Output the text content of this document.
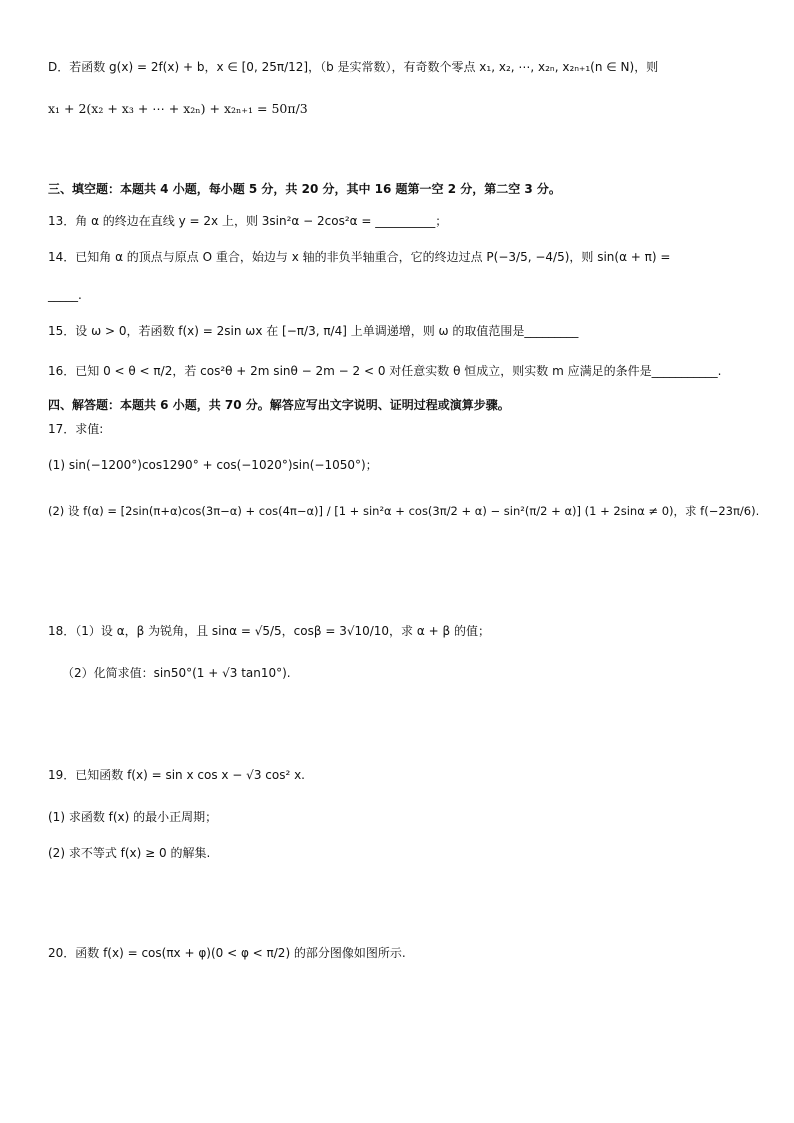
D．若函数 g(x) = 2f(x) + b，x ∈ [0, 25π/12]，（b 是实常数），有奇数个零点 x₁, x₂, ⋯, x₂ₙ, x₂ₙ₊₁(n ∈ N)，则
x₁ + 2(x₂ + x₃ + ⋯ + x₂ₙ) + x₂ₙ₊₁ = 50π/3
三、填空题：本题共 4 小题，每小题 5 分，共 20 分，其中 16 题第一空 2 分，第二空 3 分。
13．角 α 的终边在直线 y = 2x 上，则 3sin²α − 2cos²α = __________；
14．已知角 α 的顶点与原点 O 重合，始边与 x 轴的非负半轴重合，它的终边过点 P(−3/5, −4/5)，则 sin(α + π) =
_____.
15．设 ω > 0，若函数 f(x) = 2sin ωx 在 [−π/3, π/4] 上单调递增，则 ω 的取值范围是_________
16．已知 0 < θ < π/2，若 cos²θ + 2m sinθ − 2m − 2 < 0 对任意实数 θ 恒成立，则实数 m 应满足的条件是___________.
四、解答题：本题共 6 小题，共 70 分。解答应写出文字说明、证明过程或演算步骤。
17．求值:
(1) sin(−1200°)cos1290° + cos(−1020°)sin(−1050°)；
(2) 设 f(α) = [2sin(π+α)cos(3π−α) + cos(4π−α)] / [1 + sin²α + cos(3π/2 + α) − sin²(π/2 + α)] (1 + 2sinα ≠ 0)，求 f(−23π/6).
18．（1）设 α，β 为锐角，且 sinα = √5/5，cosβ = 3√10/10，求 α + β 的值；
（2）化简求值：sin50°(1 + √3 tan10°).
19．已知函数 f(x) = sin x cos x − √3 cos² x.
(1) 求函数 f(x) 的最小正周期；
(2) 求不等式 f(x) ≥ 0 的解集.
20．函数 f(x) = cos(πx + φ)(0 < φ < π/2) 的部分图像如图所示.
